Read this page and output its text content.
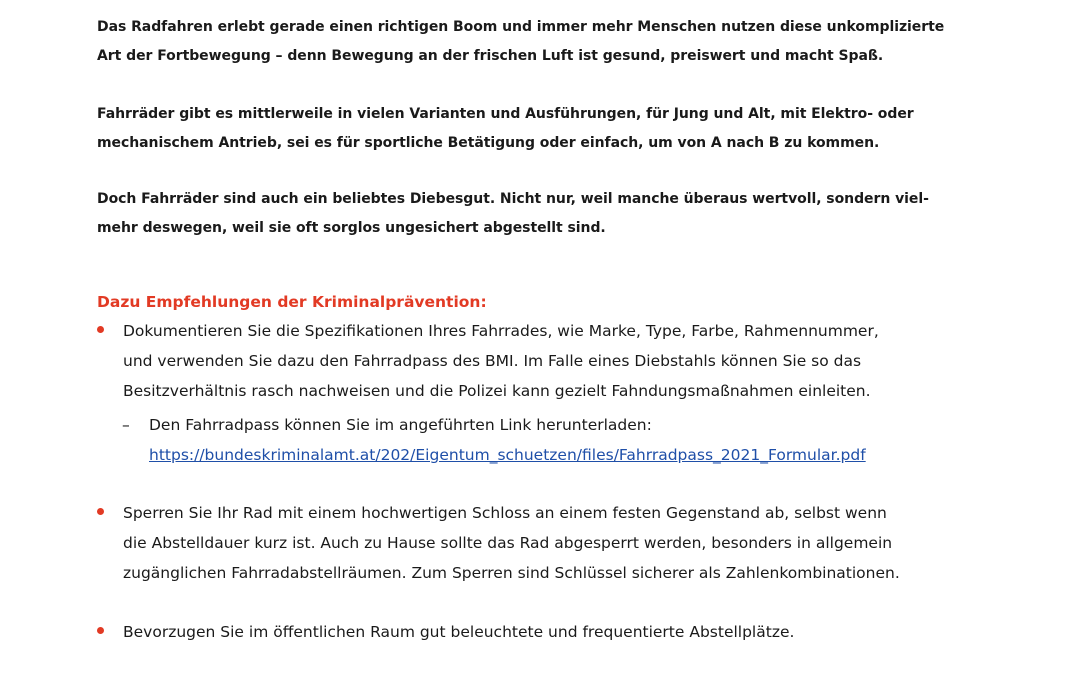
Das Radfahren erlebt gerade einen richtigen Boom und immer mehr Menschen nutzen diese unkomplizierte
Art der Fortbewegung – denn Bewegung an der frischen Luft ist gesund, preiswert und macht Spaß.
Fahrräder gibt es mittlerweile in vielen Varianten und Ausführungen, für Jung und Alt, mit Elektro- oder
mechanischem Antrieb, sei es für sportliche Betätigung oder einfach, um von A nach B zu kommen.
Doch Fahrräder sind auch ein beliebtes Diebesgut. Nicht nur, weil manche überaus wertvoll, sondern viel-
mehr deswegen, weil sie oft sorglos ungesichert abgestellt sind.
Dazu Empfehlungen der Kriminalprävention:
Dokumentieren Sie die Spezifikationen Ihres Fahrrades, wie Marke, Type, Farbe, Rahmennummer,
und verwenden Sie dazu den Fahrradpass des BMI. Im Falle eines Diebstahls können Sie so das
Besitzverhältnis rasch nachweisen und die Polizei kann gezielt Fahndungsmaßnahmen einleiten.
– Den Fahrradpass können Sie im angeführten Link herunterladen:
https://bundeskriminalamt.at/202/Eigentum_schuetzen/files/Fahrradpass_2021_Formular.pdf
Sperren Sie Ihr Rad mit einem hochwertigen Schloss an einem festen Gegenstand ab, selbst wenn
die Abstelldauer kurz ist. Auch zu Hause sollte das Rad abgesperrt werden, besonders in allgemein
zugänglichen Fahrradabstellräumen. Zum Sperren sind Schlüssel sicherer als Zahlenkombinationen.
Bevorzugen Sie im öffentlichen Raum gut beleuchtete und frequentierte Abstellplätze.
